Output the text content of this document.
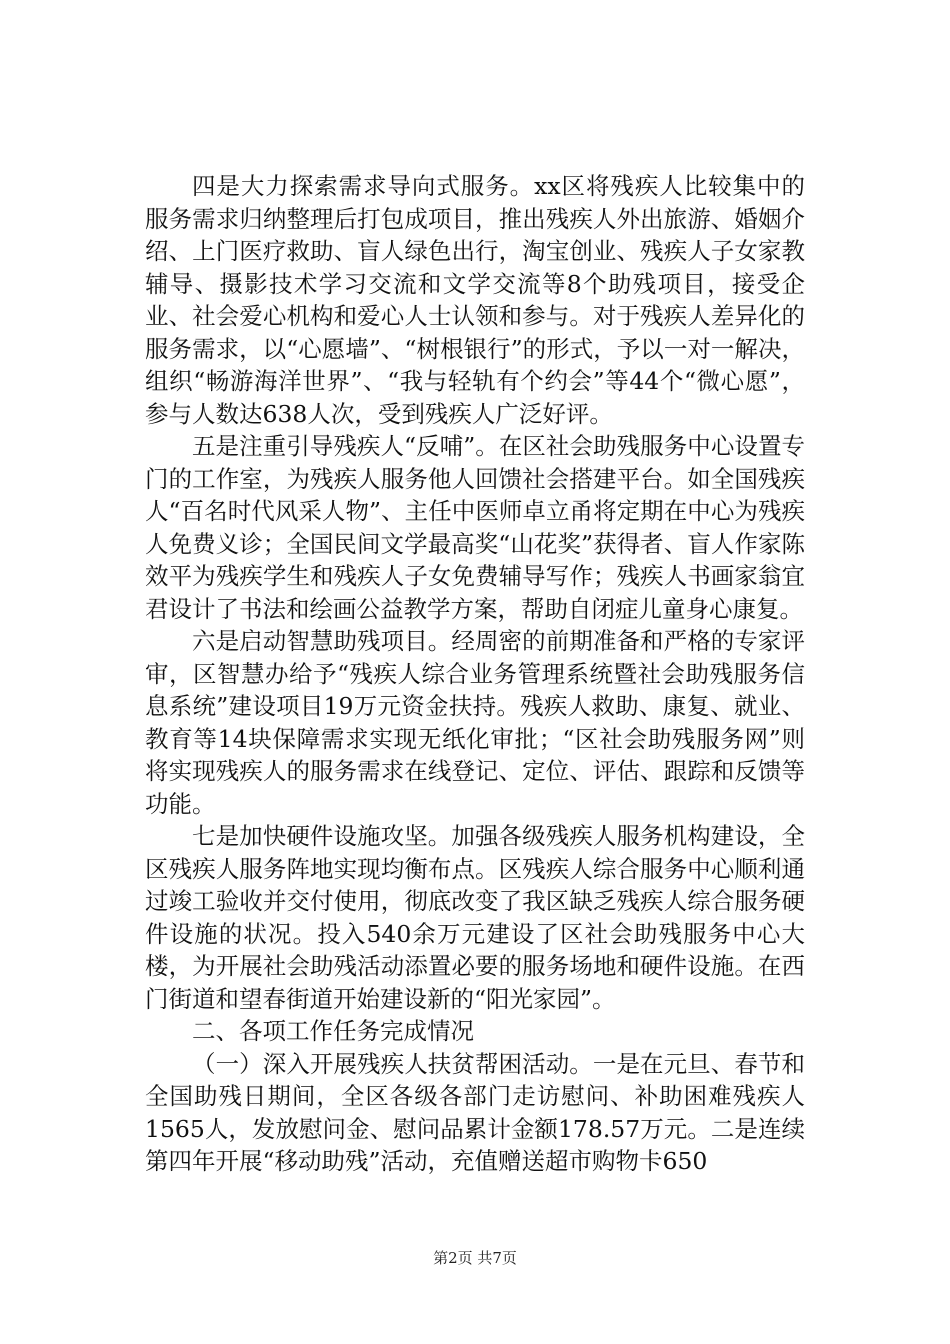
四是大力探索需求导向式服务。xx区将残疾人比较集中的服务需求归纳整理后打包成项目，推出残疾人外出旅游、婚姻介绍、上门医疗救助、盲人绿色出行，淘宝创业、残疾人子女家教辅导、摄影技术学习交流和文学交流等8个助残项目，接受企业、社会爱心机构和爱心人士认领和参与。对于残疾人差异化的服务需求，以“心愿墙”、“树根银行”的形式，予以一对一解决，组织“畅游海洋世界”、“我与轻轨有个约会”等44个“微心愿”，参与人数达638人次，受到残疾人广泛好评。

五是注重引导残疾人“反哺”。在区社会助残服务中心设置专门的工作室，为残疾人服务他人回馈社会搭建平台。如全国残疾人“百名时代风采人物”、主任中医师卓立甬将定期在中心为残疾人免费义诊；全国民间文学最高奖“山花奖”获得者、盲人作家陈效平为残疾学生和残疾人子女免费辅导写作；残疾人书画家翁宜君设计了书法和绘画公益教学方案，帮助自闭症儿童身心康复。

六是启动智慧助残项目。经周密的前期准备和严格的专家评审，区智慧办给予“残疾人综合业务管理系统暨社会助残服务信息系统”建设项目19万元资金扶持。残疾人救助、康复、就业、教育等14块保障需求实现无纸化审批；“区社会助残服务网”则将实现残疾人的服务需求在线登记、定位、评估、跟踪和反馈等功能。

七是加快硬件设施攻坚。加强各级残疾人服务机构建设，全区残疾人服务阵地实现均衡布点。区残疾人综合服务中心顺利通过竣工验收并交付使用，彻底改变了我区缺乏残疾人综合服务硬件设施的状况。投入540余万元建设了区社会助残服务中心大楼，为开展社会助残活动添置必要的服务场地和硬件设施。在西门街道和望春街道开始建设新的“阳光家园”。

二、各项工作任务完成情况

（一）深入开展残疾人扶贫帮困活动。一是在元旦、春节和全国助残日期间，全区各级各部门走访慰问、补助困难残疾人1565人，发放慰问金、慰问品累计金额178.57万元。二是连续第四年开展“移动助残”活动，充值赠送超市购物卡650

第2页 共7页
